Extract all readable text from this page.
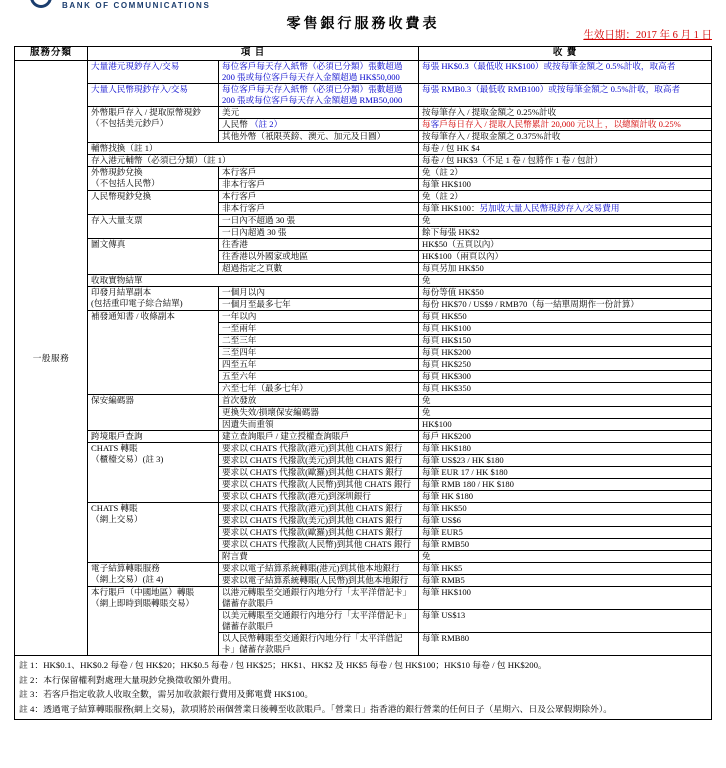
BANK OF COMMUNICATIONS
零售銀行服務收費表
生效日期：2017 年 6 月 1 日
服務分類	項 目		收 費
一般服務	大量港元現鈔存入/交易	每位客戶每天存入紙幣（必須已分類）張數超過 200 張或每位客戶每天存入金額超過 HK$50,000	每張 HK$0.3（最低收 HK$100）或按每筆金額之 0.5%計收，取高者
	大量人民幣現鈔存入/交易	每位客戶每天存入紙幣（必須已分類）張數超過 200 張或每位客戶每天存入金額超過 RMB50,000	每張 RMB0.3（最低收 RMB100）或按每筆金額之 0.5%計收，取高者
	外幣賬戶存入 / 提取原幣現鈔
（不包括美元鈔戶）	美元	按每筆存入 / 提取金額之 0.25%計收
		人民幣 （註 2）	每客戶每日存入 / 提取人民幣累計 20,000 元以上 ，以總額計收 0.25%
		其他外幣（衹限英鎊、澳元、加元及日圓）	按每筆存入 / 提取金額之 0.375%計收
	輔幣找換（註 1）		每卷 / 包 HK $4
	存入港元輔幣（必須已分類）（註 1）		每卷 / 包 HK$3（不足 1 卷 / 包將作 1 卷 / 包計）
	外幣現鈔兌換
（不包括人民幣）	本行客戶	免（註 2）
		非本行客戶	每筆 HK$100
	人民幣現鈔兌換	本行客戶	免（註 2）
		非本行客戶	每筆 HK$100：另加收大量人民幣現鈔存入/交易費用
	存入大量支票	一日內不超過 30 張	免
		一日內超過 30 張	餘下每張 HK$2
	圖文傳真	往香港	HK$50（五頁以內）
		往香港以外國家或地區	HK$100（兩頁以內）
		超過指定之頁數	每頁另加 HK$50
	收取實物結單		免
	印發月結單副本
(包括重印電子綜合結單)	一個月以內	每份等值 HK$50
		一個月至最多七年	每份 HK$70 / US$9 / RMB70（每一結單周期作一份計算）
	補發通知書 / 收條副本	一年以內	每頁 HK$50
		一至兩年	每頁 HK$100
		二至三年	每頁 HK$150
		三至四年	每頁 HK$200
		四至五年	每頁 HK$250
		五至六年	每頁 HK$300
		六至七年（最多七年）	每頁 HK$350
	保安編碼器	首次發放	免
		更換失效/損壞保安編碼器	免
		因遺失而重領	HK$100
	跨境賬戶查詢	建立查詢賬戶 / 建立授權查詢賬戶	每戶 HK$200
	CHATS 轉賬
（櫃檯交易）(註 3)	要求以 CHATS 代撥款(港元)到其他 CHATS 銀行	每筆 HK$180
		要求以 CHATS 代撥款(美元)到其他 CHATS 銀行	每筆 US$23 / HK $180
		要求以 CHATS 代撥款(歐羅)到其他 CHATS 銀行	每筆 EUR 17 / HK $180
		要求以 CHATS 代撥款(人民幣)到其他 CHATS 銀行	每筆 RMB 180 / HK $180
		要求以 CHATS 代撥款(港元)到深圳銀行	每筆 HK $180
	CHATS 轉賬
（網上交易）	要求以 CHATS 代撥款(港元)到其他 CHATS 銀行	每筆 HK$50
		要求以 CHATS 代撥款(美元)到其他 CHATS 銀行	每筆 US$6
		要求以 CHATS 代撥款(歐羅)到其他 CHATS 銀行	每筆 EUR5
		要求以 CHATS 代撥款(人民幣)到其他 CHATS 銀行	每筆 RMB50
		附言費	免
	電子結算轉賬服務
（網上交易）(註 4)	要求以電子結算系統轉賬(港元)到其他本地銀行	每筆 HK$5
		要求以電子結算系統轉賬(人民幣)到其他本地銀行	每筆 RMB5
	本行賬戶（中國地區）轉賬
（網上即時到賬轉賬交易）	以港元轉賬至交通銀行內地分行「太平洋借記卡」儲蓄存款賬戶	每筆 HK$100
		以美元轉賬至交通銀行內地分行「太平洋借記卡」儲蓄存款賬戶	每筆 US$13
		以人民幣轉賬至交通銀行內地分行「太平洋借記卡」儲蓄存款賬戶	每筆 RMB80
註 1：HK$0.1、HK$0.2 每卷 / 包 HK$20；HK$0.5 每卷 / 包 HK$25；HK$1、HK$2 及 HK$5 每卷 / 包 HK$100；HK$10 每卷 / 包 HK$200。
註 2：本行保留權利對處理大量現鈔兌換徵收額外費用。
註 3：若客戶指定收款人收取全數，需另加收款銀行費用及郵電費 HK$100。
註 4：透過電子結算轉賬服務(網上交易)，款項將於兩個營業日後轉至收款賬戶。「營業日」指香港的銀行營業的任何日子（星期六、日及公眾假期除外）。
